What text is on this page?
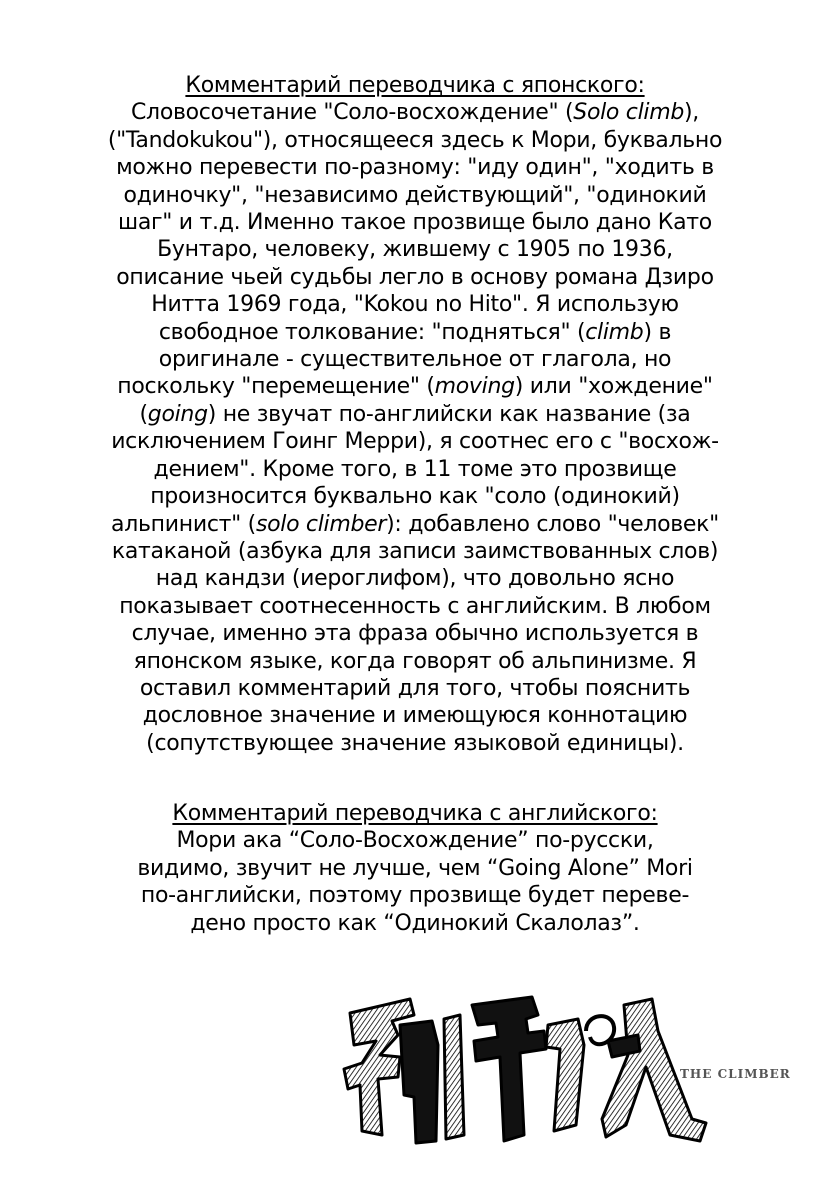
Комментарий переводчика с японского:
Словосочетание "Соло-восхождение" (Solo climb),
("Tandokukou"), относящееся здесь к Мори, буквально
можно перевести по-разному: "иду один", "ходить в
одиночку", "независимо действующий", "одинокий
шаг" и т.д. Именно такое прозвище было дано Като
Бунтаро, человеку, жившему с 1905 по 1936,
описание чьей судьбы легло в основу романа Дзиро
Нитта 1969 года, "Kokou no Hito". Я использую
свободное толкование: "подняться" (climb) в
оригинале - существительное от глагола, но
поскольку "перемещение" (moving) или "хождение"
(going) не звучат по-английски как название (за
исключением Гоинг Мерри), я соотнес его с "восхож-
дением". Кроме того, в 11 томе это прозвище
произносится буквально как "соло (одинокий)
альпинист" (solo climber): добавлено слово "человек"
катаканой (азбука для записи заимствованных слов)
над кандзи (иероглифом), что довольно ясно
показывает соотнесенность с английским. В любом
случае, именно эта фраза обычно используется в
японском языке, когда говорят об альпинизме. Я
оставил комментарий для того, чтобы пояснить
дословное значение и имеющуюся коннотацию
(сопутствующее значение языковой единицы).
Комментарий переводчика с английского:
Мори ака “Соло-Восхождение” по-русски,
видимо, звучит не лучше, чем “Going Alone” Mori
по-английски, поэтому прозвище будет переве-
дено просто как “Одинокий Скалолаз”.
THE CLIMBER
